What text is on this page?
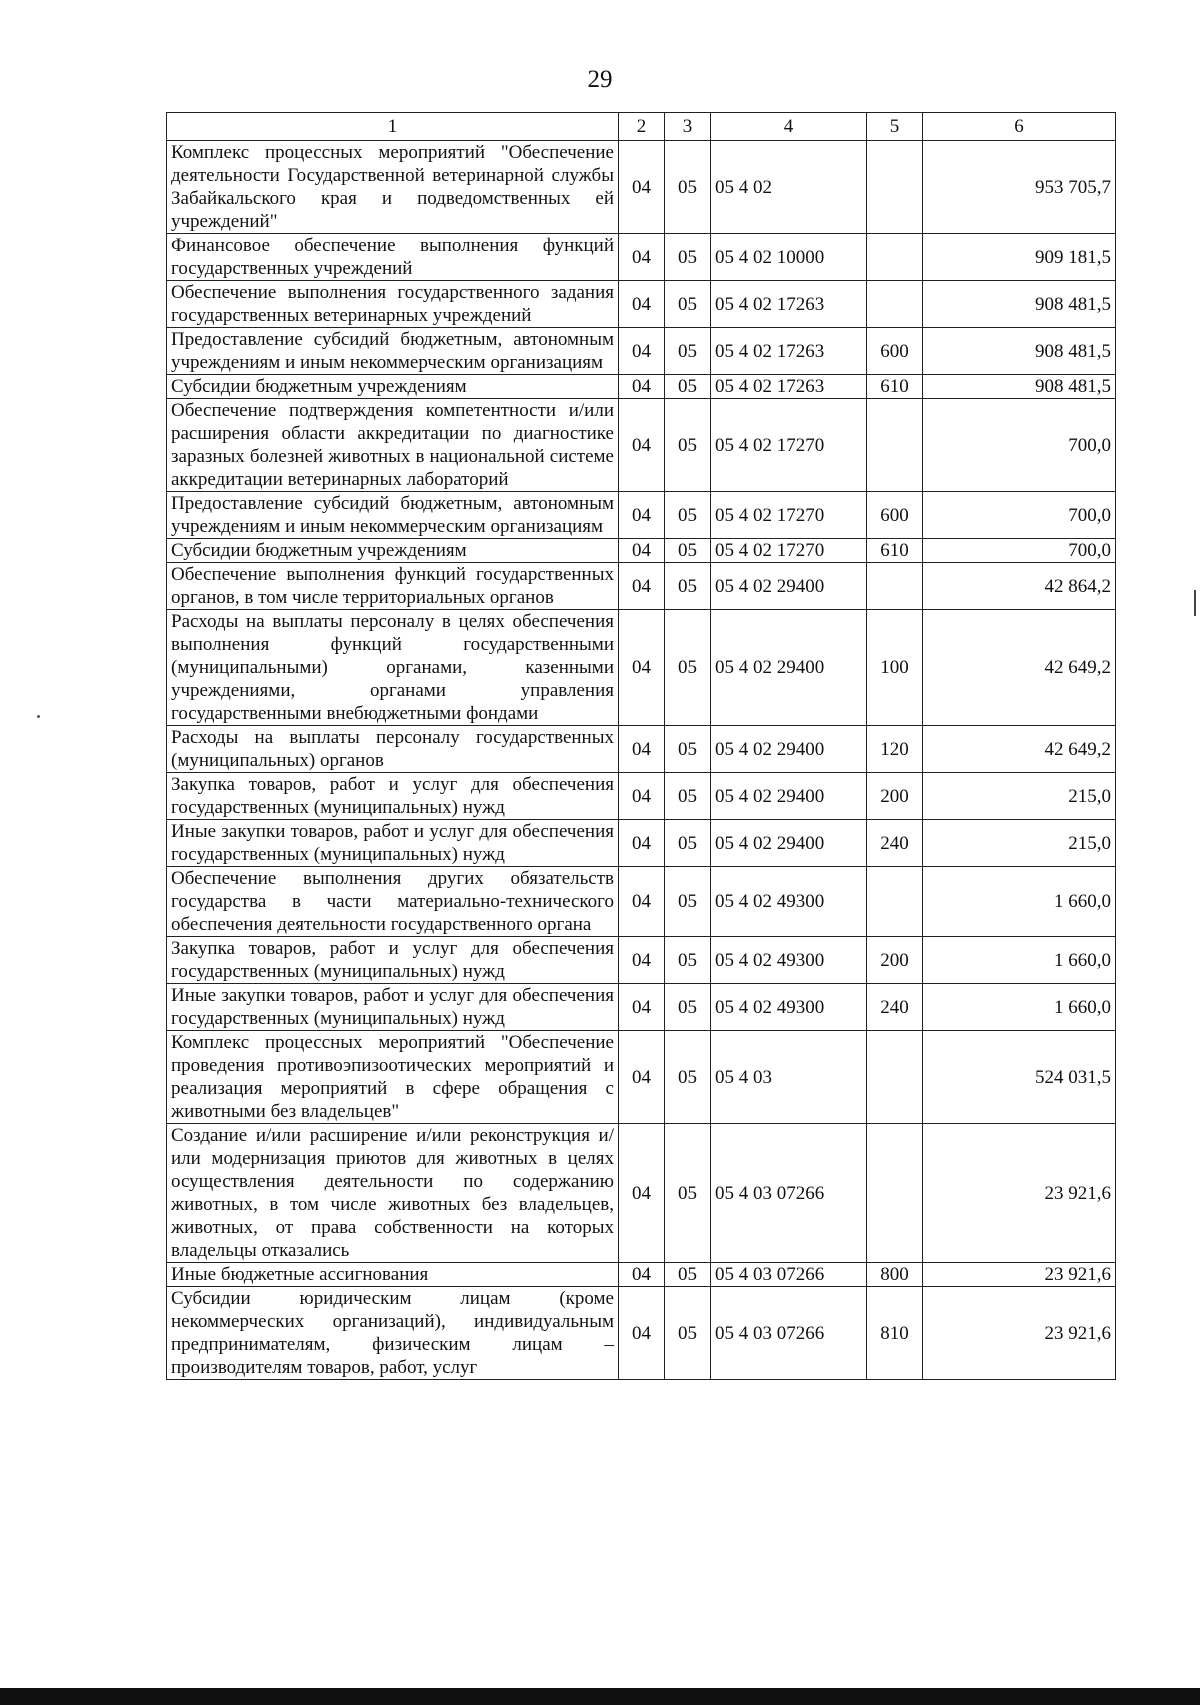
29
1	2	3	4	5	6
Комплекс процессных мероприятий "Обеспечение деятельности Государственной ветеринарной службы Забайкальского края и подведомственных ей учреждений"	04	05	05 4 02		953 705,7
Финансовое обеспечение выполнения функций государственных учреждений	04	05	05 4 02 10000		909 181,5
Обеспечение выполнения государственного задания государственных ветеринарных учреждений	04	05	05 4 02 17263		908 481,5
Предоставление субсидий бюджетным, автономным учреждениям и иным некоммерческим организациям	04	05	05 4 02 17263	600	908 481,5
Субсидии бюджетным учреждениям	04	05	05 4 02 17263	610	908 481,5
Обеспечение подтверждения компетентности и/или расширения области аккредитации по диагностике заразных болезней животных в национальной системе аккредитации ветеринарных лабораторий	04	05	05 4 02 17270		700,0
Предоставление субсидий бюджетным, автономным учреждениям и иным некоммерческим организациям	04	05	05 4 02 17270	600	700,0
Субсидии бюджетным учреждениям	04	05	05 4 02 17270	610	700,0
Обеспечение выполнения функций государственных органов, в том числе территориальных органов	04	05	05 4 02 29400		42 864,2
Расходы на выплаты персоналу в целях обеспечения выполнения функций государственными (муниципальными) органами, казенными учреждениями, органами управления государственными внебюджетными фондами	04	05	05 4 02 29400	100	42 649,2
Расходы на выплаты персоналу государственных (муниципальных) органов	04	05	05 4 02 29400	120	42 649,2
Закупка товаров, работ и услуг для обеспечения государственных (муниципальных) нужд	04	05	05 4 02 29400	200	215,0
Иные закупки товаров, работ и услуг для обеспечения государственных (муниципальных) нужд	04	05	05 4 02 29400	240	215,0
Обеспечение выполнения других обязательств государства в части материально-технического обеспечения деятельности государственного органа	04	05	05 4 02 49300		1 660,0
Закупка товаров, работ и услуг для обеспечения государственных (муниципальных) нужд	04	05	05 4 02 49300	200	1 660,0
Иные закупки товаров, работ и услуг для обеспечения государственных (муниципальных) нужд	04	05	05 4 02 49300	240	1 660,0
Комплекс процессных мероприятий "Обеспечение проведения противоэпизоотических мероприятий и реализация мероприятий в сфере обращения с животными без владельцев"	04	05	05 4 03		524 031,5
Создание и/или расширение и/или реконструкция и/или модернизация приютов для животных в целях осуществления деятельности по содержанию животных, в том числе животных без владельцев, животных, от права собственности на которых владельцы отказались	04	05	05 4 03 07266		23 921,6
Иные бюджетные ассигнования	04	05	05 4 03 07266	800	23 921,6
Субсидии юридическим лицам (кроме некоммерческих организаций), индивидуальным предпринимателям, физическим лицам – производителям товаров, работ, услуг	04	05	05 4 03 07266	810	23 921,6
